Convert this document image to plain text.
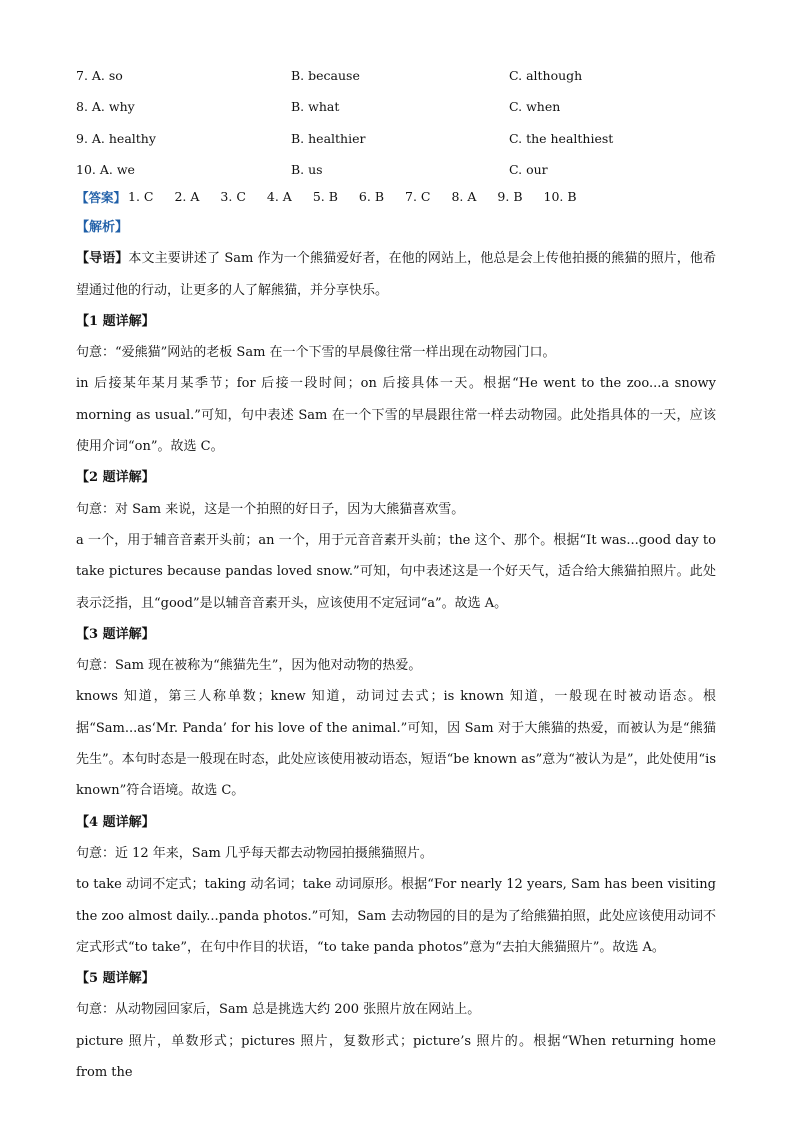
7. A. so	B. because	C. although
8. A. why	B. what	C. when
9. A. healthy	B. healthier	C. the healthiest
10. A. we	B. us	C. our
【答案】 1. C 2. A 3. C 4. A 5. B 6. B 7. C 8. A 9. B 10. B

【解析】

【导语】本文主要讲述了 Sam 作为一个熊猫爱好者，在他的网站上，他总是会上传他拍摄的熊猫的照片，他希望通过他的行动，让更多的人了解熊猫，并分享快乐。

【1 题详解】

句意：“爱熊猫”网站的老板 Sam 在一个下雪的早晨像往常一样出现在动物园门口。

in 后接某年某月某季节；for 后接一段时间；on 后接具体一天。根据“He went to the zoo...a snowy morning as usual.”可知，句中表述 Sam 在一个下雪的早晨跟往常一样去动物园。此处指具体的一天，应该使用介词“on”。故选 C。

【2 题详解】

句意：对 Sam 来说，这是一个拍照的好日子，因为大熊猫喜欢雪。

a 一个，用于辅音音素开头前；an 一个，用于元音音素开头前；the 这个、那个。根据“It was...good day to take pictures because pandas loved snow.”可知，句中表述这是一个好天气，适合给大熊猫拍照片。此处表示泛指，且“good”是以辅音音素开头，应该使用不定冠词“a”。故选 A。

【3 题详解】

句意：Sam 现在被称为“熊猫先生”，因为他对动物的热爱。

knows 知道，第三人称单数；knew 知道，动词过去式；is known 知道，一般现在时被动语态。根据“Sam...as‘Mr. Panda’ for his love of the animal.”可知，因 Sam 对于大熊猫的热爱，而被认为是“熊猫先生”。本句时态是一般现在时态，此处应该使用被动语态，短语“be known as”意为“被认为是”，此处使用“is known”符合语境。故选 C。

【4 题详解】

句意：近 12 年来，Sam 几乎每天都去动物园拍摄熊猫照片。

to take 动词不定式；taking 动名词；take 动词原形。根据“For nearly 12 years, Sam has been visiting the zoo almost daily...panda photos.”可知，Sam 去动物园的目的是为了给熊猫拍照，此处应该使用动词不定式形式“to take”，在句中作目的状语，“to take panda photos”意为“去拍大熊猫照片”。故选 A。

【5 题详解】

句意：从动物园回家后，Sam 总是挑选大约 200 张照片放在网站上。

picture 照片，单数形式；pictures 照片，复数形式；picture’s 照片的。根据“When returning home from the
